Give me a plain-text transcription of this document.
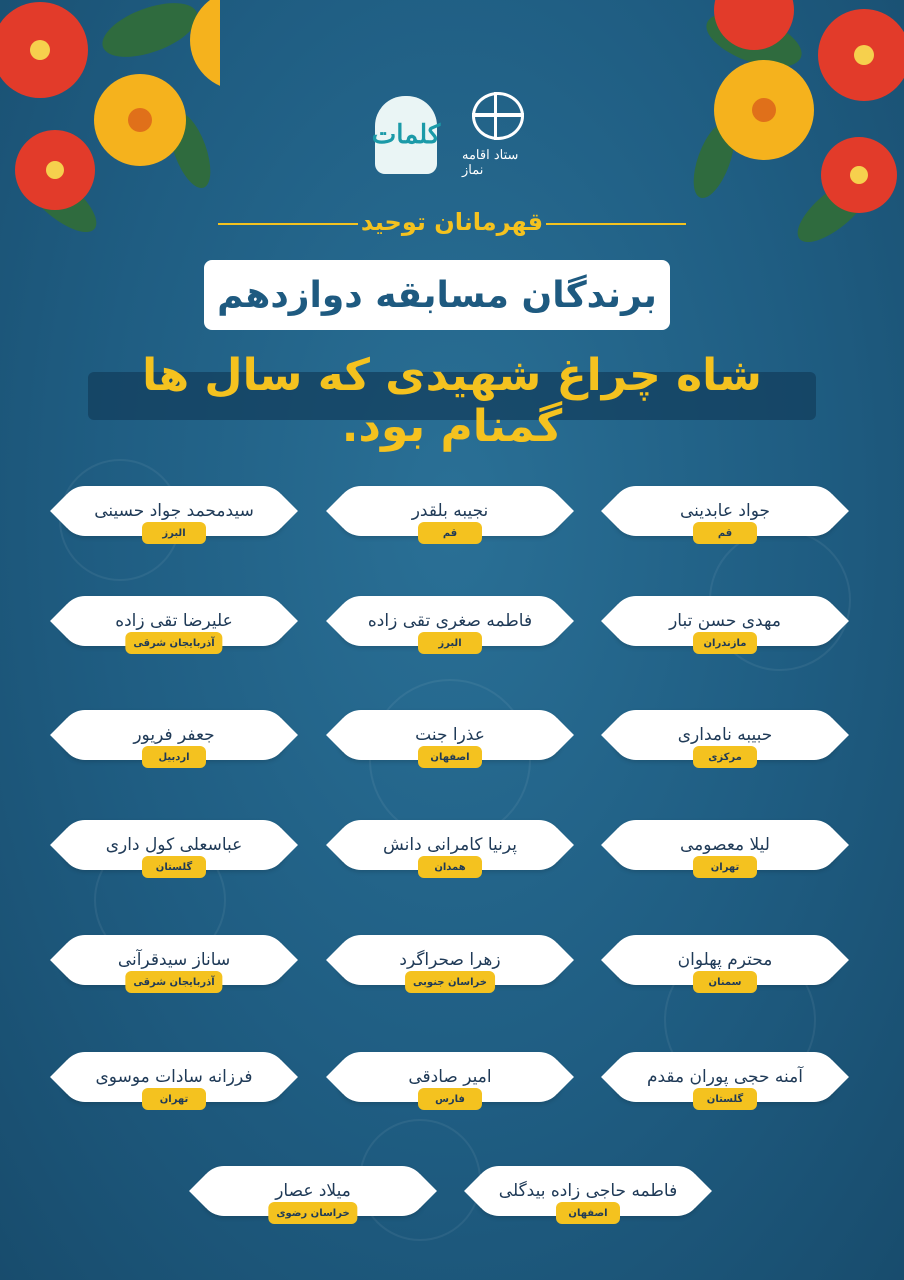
کلمات
ستاد اقامه نماز
قهرمانان توحید
برندگان مسابقه دوازدهم
شاه چراغ شهیدی که سال ها گمنام بود.
جواد عابدینی
قم
نجیبه بلقدر
قم
سیدمحمد جواد حسینی
البرز
مهدی حسن تبار
مازندران
فاطمه صغری تقی زاده
البرز
علیرضا تقی زاده
آذربایجان شرقی
حبیبه نامداری
مرکزی
عذرا جنت
اصفهان
جعفر فریور
اردبیل
لیلا معصومی
تهران
پرنیا کامرانی دانش
همدان
عباسعلی کول داری
گلستان
محترم پهلوان
سمنان
زهرا صحراگرد
خراسان جنوبی
ساناز سیدقرآنی
آذربایجان شرقی
آمنه حجی پوران مقدم
گلستان
امیر صادقی
فارس
فرزانه سادات موسوی
تهران
فاطمه حاجی زاده بیدگلی
اصفهان
میلاد عصار
خراسان رضوی
